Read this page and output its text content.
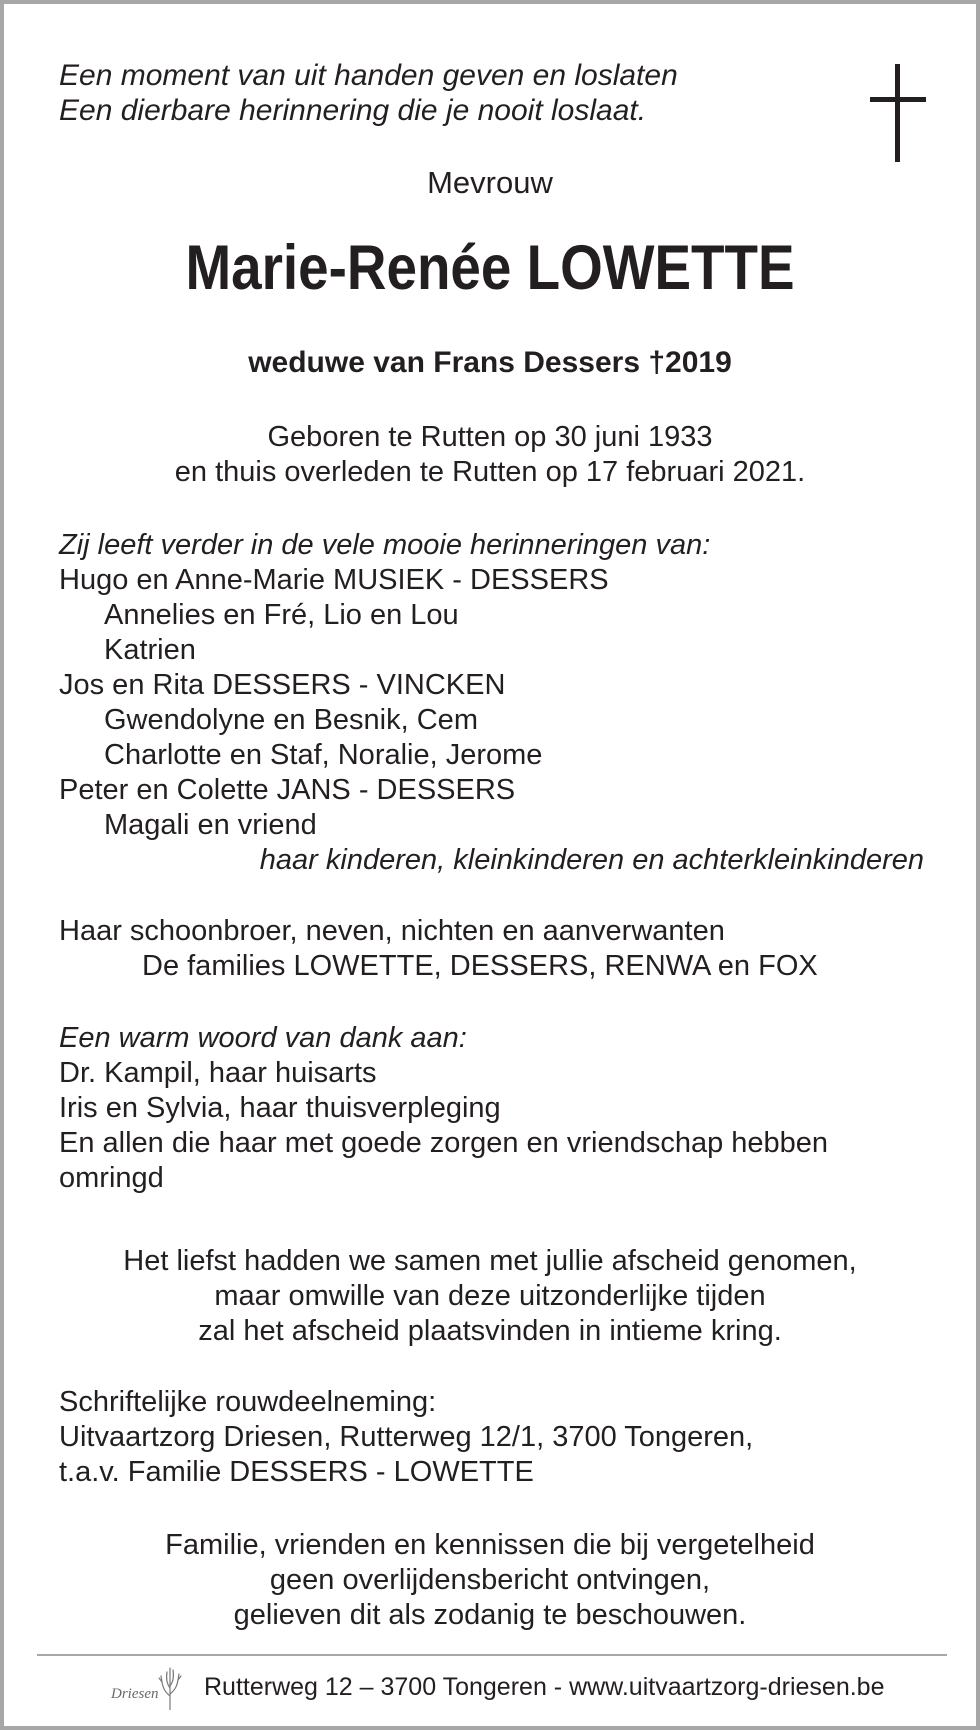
Een moment van uit handen geven en loslaten

Een dierbare herinnering die je nooit loslaat.

Mevrouw

Marie-Renée LOWETTE

weduwe van Frans Dessers †2019

Geboren te Rutten op 30 juni 1933

en thuis overleden te Rutten op 17 februari 2021.

Zij leeft verder in de vele mooie herinneringen van:

Hugo en Anne-Marie MUSIEK - DESSERS

Annelies en Fré, Lio en Lou

Katrien

Jos en Rita DESSERS - VINCKEN

Gwendolyne en Besnik, Cem

Charlotte en Staf, Noralie, Jerome

Peter en Colette JANS - DESSERS

Magali en vriend

haar kinderen, kleinkinderen en achterkleinkinderen

Haar schoonbroer, neven, nichten en aanverwanten

De families LOWETTE, DESSERS, RENWA en FOX

Een warm woord van dank aan:

Dr. Kampil, haar huisarts

Iris en Sylvia, haar thuisverpleging

En allen die haar met goede zorgen en vriendschap hebben

omringd

Het liefst hadden we samen met jullie afscheid genomen,

maar omwille van deze uitzonderlijke tijden

zal het afscheid plaatsvinden in intieme kring.

Schriftelijke rouwdeelneming:

Uitvaartzorg Driesen, Rutterweg 12/1, 3700 Tongeren,

t.a.v. Familie DESSERS - LOWETTE

Familie, vrienden en kennissen die bij vergetelheid

geen overlijdensbericht ontvingen,

gelieven dit als zodanig te beschouwen.

Driesen Rutterweg 12 – 3700 Tongeren - www.uitvaartzorg-driesen.be
